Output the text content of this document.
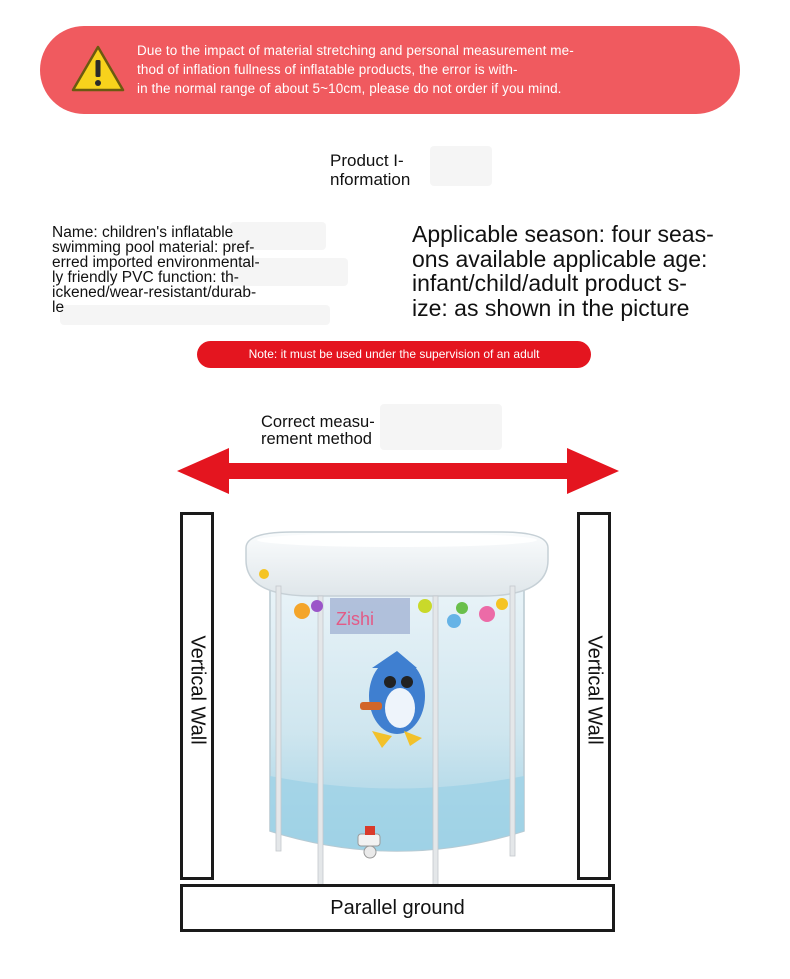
Due to the impact of material stretching and personal measurement me-
thod of inflation fullness of inflatable products, the error is with-
in the normal range of about 5~10cm, please do not order if you mind.
Product I-
nformation
Name: children's inflatable
swimming pool material: pref-
erred imported environmental-
ly friendly PVC function: th-
ickened/wear-resistant/durab-
le
Applicable season: four seas-
ons available applicable age:
infant/child/adult product s-
ize: as shown in the picture
Note: it must be used under the supervision of an adult
Correct measu-
rement method
Vertical Wall	Vertical Wall
Zishi
Parallel ground
